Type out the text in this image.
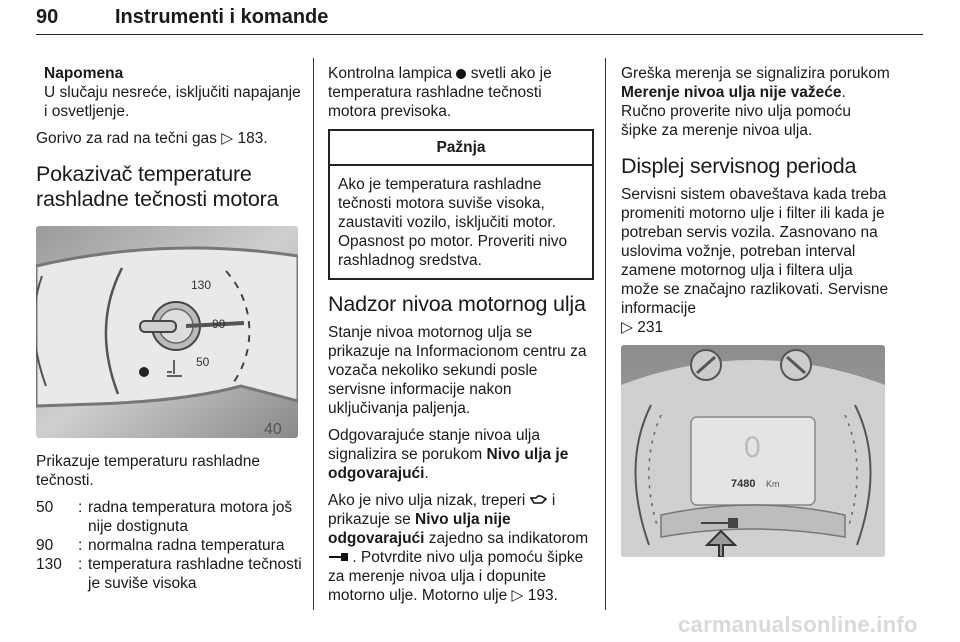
90	Instrumenti i komande
Napomena
U slučaju nesreće, isključiti napajanje i osvetljenje.

Gorivo za rad na tečni gas ▷ 183.

Pokazivač temperature rashladne tečnosti motora
130
90
50
40

Prikazuje temperaturu rashladne tečnosti.

50	: radna temperatura motora još nije dostignuta
90	: normalna radna temperatura
130	: temperatura rashladne tečnosti je suviše visoka

Kontrolna lampica svetli ako je temperatura rashladne tečnosti motora previsoka.

Pažnja
Ako je temperatura rashladne tečnosti motora suviše visoka, zaustaviti vozilo, isključiti motor. Opasnost po motor. Proveriti nivo rashladnog sredstva.
Nadzor nivoa motornog ulja

Stanje nivoa motornog ulja se prikazuje na Informacionom centru za vozača nekoliko sekundi posle servisne informacije nakon uključivanja paljenja.

Odgovarajuće stanje nivoa ulja signalizira se porukom Nivo ulja je odgovarajući.

Ako je nivo ulja nizak, treperi i prikazuje se Nivo ulja nije odgovarajući zajedno sa indikatorom  . Potvrdite nivo ulja pomoću šipke za merenje nivoa ulja i dopunite motorno ulje. Motorno ulje ▷ 193.

Greška merenja se signalizira porukom Merenje nivoa ulja nije važeće. Ručno proverite nivo ulja pomoću šipke za merenje nivoa ulja.

Displej servisnog perioda

Servisni sistem obaveštava kada treba promeniti motorno ulje i filter ili kada je potreban servis vozila. Zasnovano na uslovima vožnje, potreban interval zamene motornog ulja i filtera ulja može se značajno razlikovati. Servisne informacije
▷ 231

0
7480 Km
carmanualsonline.info
